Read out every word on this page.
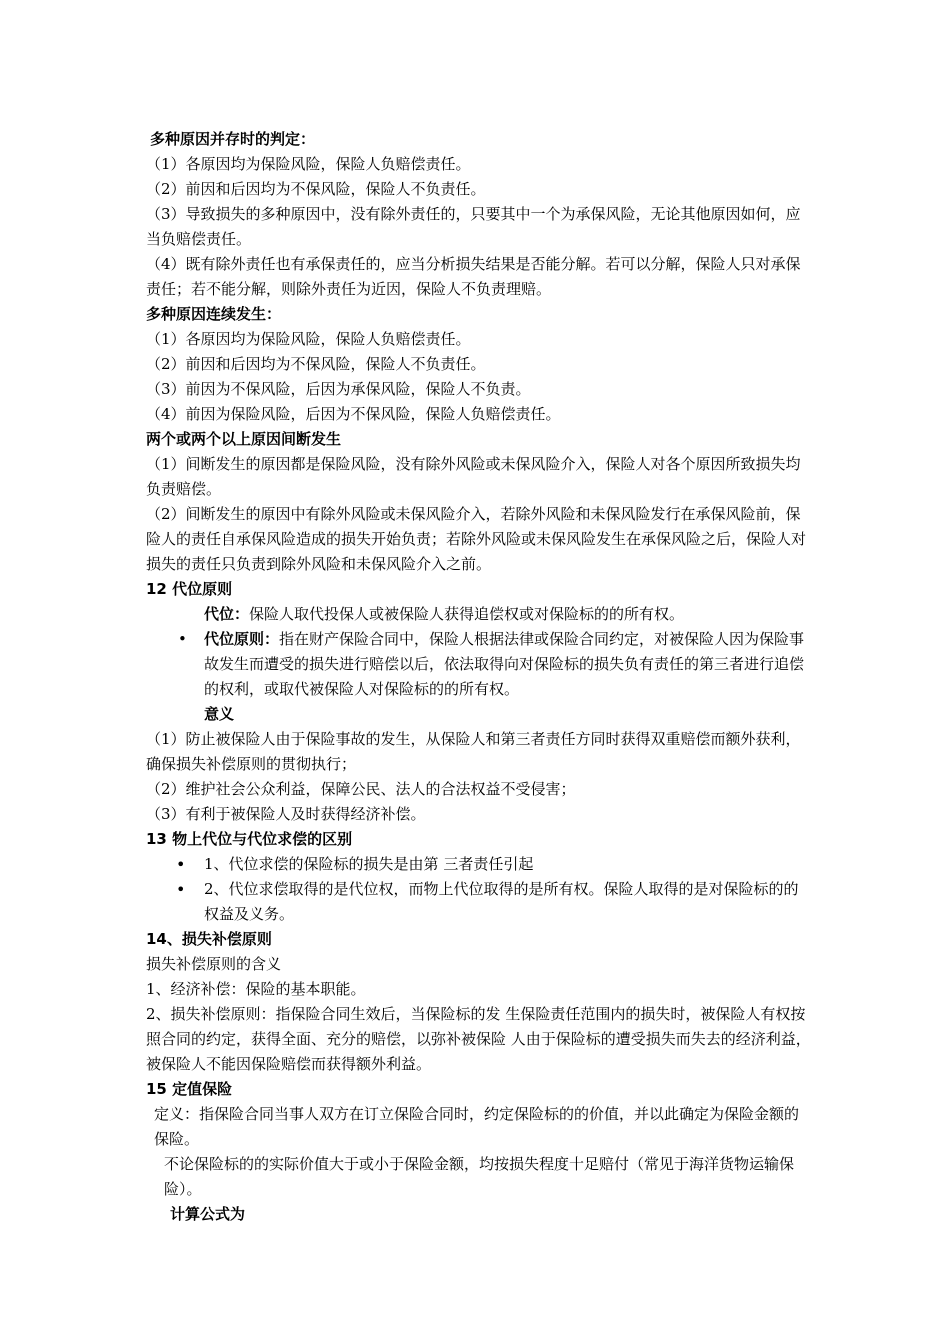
多种原因并存时的判定：

（1）各原因均为保险风险，保险人负赔偿责任。

（2）前因和后因均为不保风险，保险人不负责任。

（3）导致损失的多种原因中，没有除外责任的，只要其中一个为承保风险，无论其他原因如何，应当负赔偿责任。

（4）既有除外责任也有承保责任的，应当分析损失结果是否能分解。若可以分解，保险人只对承保责任；若不能分解，则除外责任为近因，保险人不负责理赔。

多种原因连续发生：

（1）各原因均为保险风险，保险人负赔偿责任。

（2）前因和后因均为不保风险，保险人不负责任。

（3）前因为不保风险，后因为承保风险，保险人不负责。

（4）前因为保险风险，后因为不保风险，保险人负赔偿责任。

两个或两个以上原因间断发生

（1）间断发生的原因都是保险风险，没有除外风险或未保风险介入，保险人对各个原因所致损失均负责赔偿。

（2）间断发生的原因中有除外风险或未保风险介入，若除外风险和未保风险发行在承保风险前，保险人的责任自承保风险造成的损失开始负责；若除外风险或未保风险发生在承保风险之后，保险人对损失的责任只负责到除外风险和未保风险介入之前。

12 代位原则

代位：保险人取代投保人或被保险人获得追偿权或对保险标的的所有权。

• 代位原则：指在财产保险合同中，保险人根据法律或保险合同约定，对被保险人因为保险事故发生而遭受的损失进行赔偿以后，依法取得向对保险标的损失负有责任的第三者进行追偿的权利，或取代被保险人对保险标的的所有权。

意义

（1）防止被保险人由于保险事故的发生，从保险人和第三者责任方同时获得双重赔偿而额外获利，确保损失补偿原则的贯彻执行；

（2）维护社会公众利益，保障公民、法人的合法权益不受侵害；

（3）有利于被保险人及时获得经济补偿。

13 物上代位与代位求偿的区别

• 1、代位求偿的保险标的损失是由第 三者责任引起

• 2、代位求偿取得的是代位权，而物上代位取得的是所有权。保险人取得的是对保险标的的权益及义务。

14、损失补偿原则

损失补偿原则的含义

1、经济补偿：保险的基本职能。

2、损失补偿原则：指保险合同生效后，当保险标的发 生保险责任范围内的损失时，被保险人有权按照合同的约定，获得全面、充分的赔偿，以弥补被保险 人由于保险标的遭受损失而失去的经济利益，被保险人不能因保险赔偿而获得额外利益。

15 定值保险

定义：指保险合同当事人双方在订立保险合同时，约定保险标的的价值，并以此确定为保险金额的保险。

不论保险标的的实际价值大于或小于保险金额，均按损失程度十足赔付（常见于海洋货物运输保险）。

计算公式为
